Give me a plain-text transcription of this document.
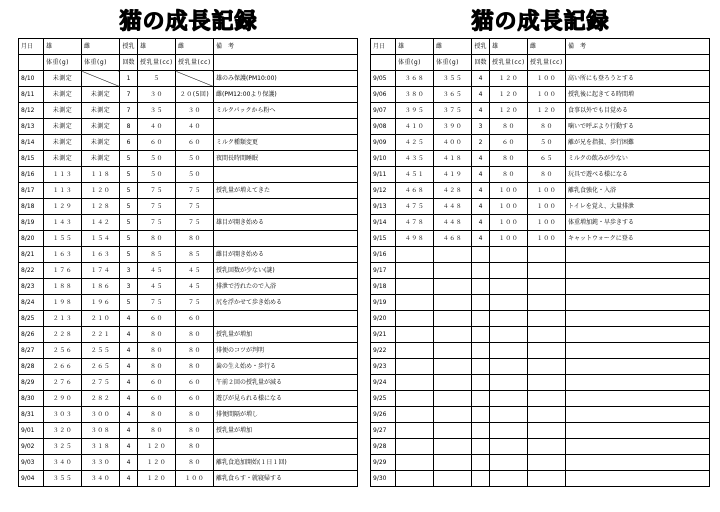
猫の成長記録
月日	雄	雌	授乳	雄	雌	備　考
	体重(g)	体重(g)	回数	授乳量(cc)	授乳量(cc)	
8/10	未測定		1	５		雄のみ保護(PM10:00)
8/11	未測定	未測定	7	３０	２０(5回)	雌(PM12:00より保護)
8/12	未測定	未測定	7	３５	３０	ミルクパックから粉へ
8/13	未測定	未測定	8	４０	４０	
8/14	未測定	未測定	6	６０	６０	ミルク種類変更
8/15	未測定	未測定	5	５０	５０	夜間長時間睡眠
8/16	１１３	１１８	5	５０	５０	
8/17	１１３	１２０	5	７５	７５	授乳量が増えてきた
8/18	１２９	１２８	5	７５	７５	
8/19	１４３	１４２	5	７５	７５	雄目が開き始める
8/20	１５５	１５４	5	８０	８０	
8/21	１６３	１６３	5	８５	８５	雌目が開き始める
8/22	１７６	１７４	3	４５	４５	授乳回数が少ない(謎)
8/23	１８８	１８６	3	４５	４５	排泄で汚れたので入浴
8/24	１９８	１９６	5	７５	７５	尻を浮かせて歩き始める
8/25	２１３	２１０	4	６０	６０	
8/26	２２８	２２１	4	８０	８０	授乳量が増加
8/27	２５６	２５５	4	８０	８０	排便のコツが判明
8/28	２６６	２６５	4	８０	８０	歯の生え始め・歩行る
8/29	２７６	２７５	4	６０	６０	午前２回の授乳量が減る
8/30	２９０	２８２	4	６０	６０	遊びが見られる様になる
8/31	３０３	３００	4	８０	８０	排便間隔が増し
9/01	３２０	３０８	4	８０	８０	授乳量が増加
9/02	３２５	３１８	4	１２０	８０	
9/03	３４０	３３０	4	１２０	８０	離乳食追加開始(１日１回)
9/04	３５５	３４０	4	１２０	１００	離乳食らす・就寝帰する
猫の成長記録
月日	雄	雌	授乳	雄	雌	備　考
	体重(g)	体重(g)	回数	授乳量(cc)	授乳量(cc)	
9/05	３６８	３５５	4	１２０	１００	高い所にも登ろうとする
9/06	３８０	３６５	4	１２０	１００	授乳後に起きてる時間増
9/07	３９５	３７５	4	１２０	１２０	食事以外でも目覚める
9/08	４１０	３９０	3	８０	８０	噛いで呼ぶより行動する
9/09	４２５	４００	2	６０	５０	離が兄を指扱、歩行困難
9/10	４３５	４１８	4	８０	６５	ミルクの飲みが少ない
9/11	４５１	４１９	4	８０	８０	玩具で遊べる様になる
9/12	４６８	４２８	4	１００	１００	離乳食強化・入浴
9/13	４７５	４４８	4	１００	１００	トイレを覚え、大量排泄
9/14	４７８	４４８	4	１００	１００	体重増加鈍・早歩きする
9/15	４９８	４６８	4	１００	１００	キャットウォークに登る
9/16						
9/17						
9/18						
9/19						
9/20						
9/21						
9/22						
9/23						
9/24						
9/25						
9/26						
9/27						
9/28						
9/29						
9/30						
